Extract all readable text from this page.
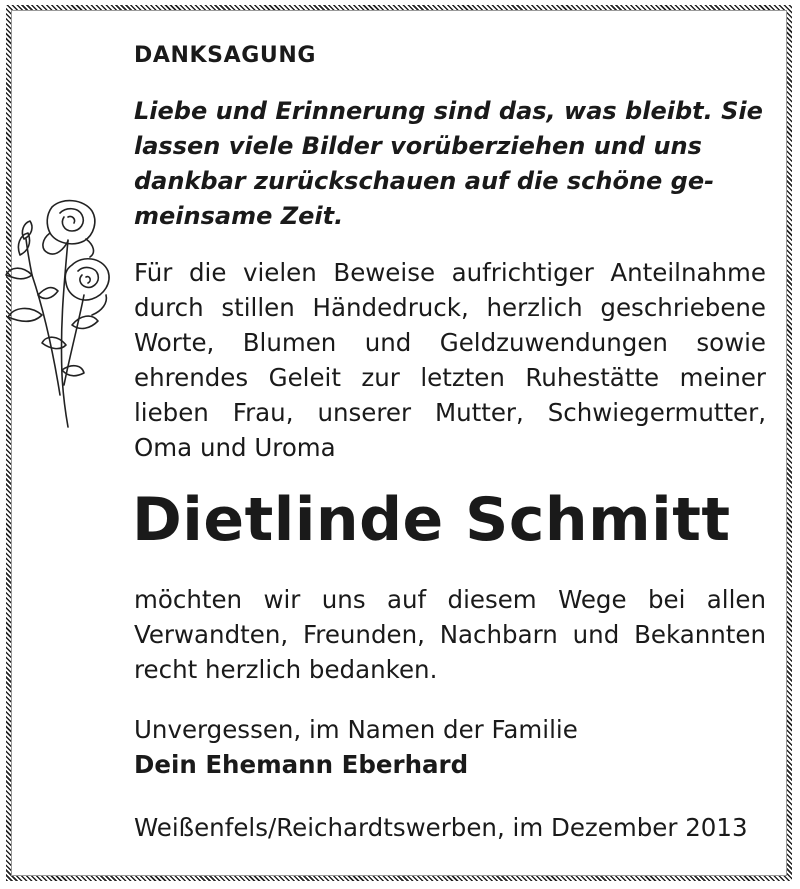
DANKSAGUNG
Liebe und Erinnerung sind das, was bleibt. Sie
lassen viele Bilder vorüberziehen und uns
dankbar zurückschauen auf die schöne ge-
meinsame Zeit.
Für die vielen Beweise aufrichtiger Anteilnahme
durch stillen Händedruck, herzlich geschriebene
Worte, Blumen und Geldzuwendungen sowie
ehrendes Geleit zur letzten Ruhestätte meiner
lieben Frau, unserer Mutter, Schwiegermutter,
Oma und Uroma
Dietlinde Schmitt
möchten wir uns auf diesem Wege bei allen
Verwandten, Freunden, Nachbarn und Bekannten
recht herzlich bedanken.
Unvergessen, im Namen der Familie
Dein Ehemann Eberhard
Weißenfels/Reichardtswerben, im Dezember 2013
